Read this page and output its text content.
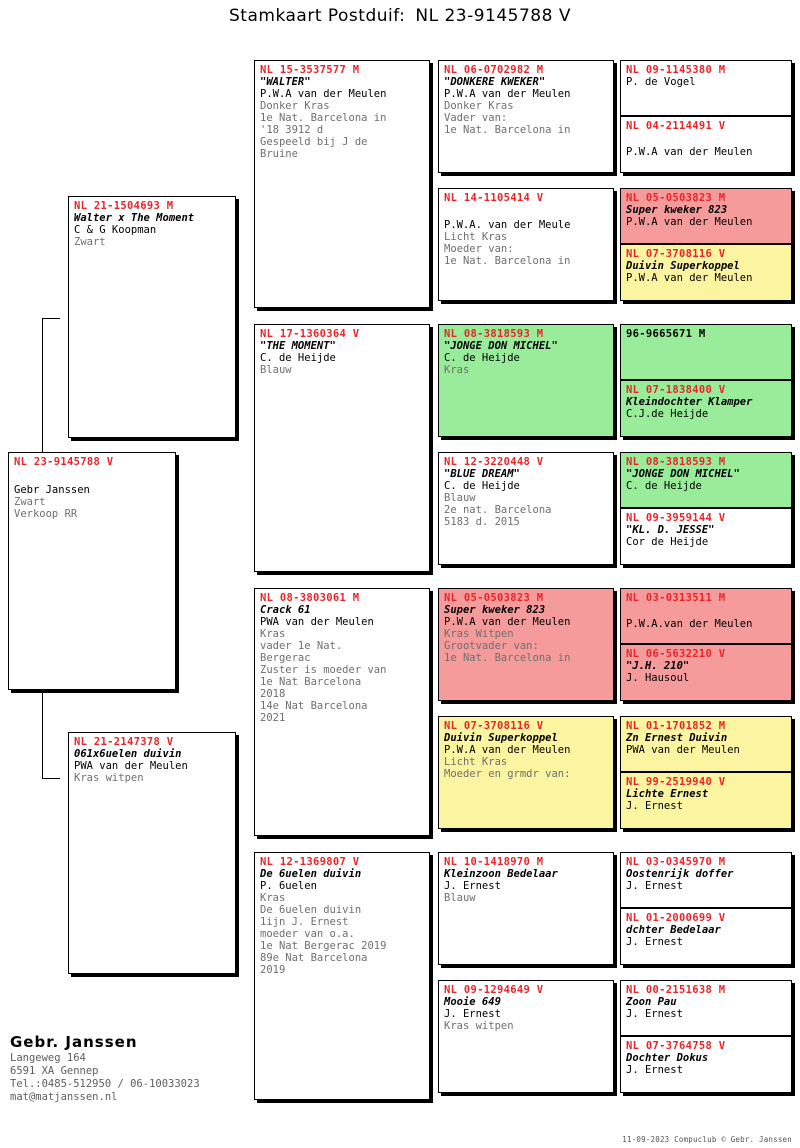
Stamkaart Postduif: NL 23-9145788 V
NL 23-9145788 V
Gebr Janssen
Zwart
Verkoop RR
NL 21-1504693 M
Walter x The Moment
C & G Koopman
Zwart
NL 21-2147378 V
061x6uelen duivin
PWA van der Meulen
Kras witpen
NL 15-3537577 M
"WALTER"
P.W.A van der Meulen
Donker Kras
1e Nat. Barcelona in
'18 3912 d
Gespeeld bij J de
Bruine
NL 17-1360364 V
"THE MOMENT"
C. de Heijde
Blauw
NL 08-3803061 M
Crack 61
PWA van der Meulen
Kras
vader 1e Nat.
Bergerac
Zuster is moeder van
1e Nat Barcelona
2018
14e Nat Barcelona
2021
NL 12-1369807 V
De 6uelen duivin
P. 6uelen
Kras
De 6uelen duivin
1ijn J. Ernest
moeder van o.a.
1e Nat Bergerac 2019
89e Nat Barcelona
2019
NL 06-0702982 M
"DONKERE KWEKER"
P.W.A van der Meulen
Donker Kras
Vader van:
1e Nat. Barcelona in
NL 14-1105414 V
P.W.A. van der Meule
Licht Kras
Moeder van:
1e Nat. Barcelona in
NL 08-3818593 M
"JONGE DON MICHEL"
C. de Heijde
Kras
NL 12-3220448 V
"BLUE DREAM"
C. de Heijde
Blauw
2e nat. Barcelona
5183 d. 2015
NL 05-0503823 M
Super kweker 823
P.W.A van der Meulen
Kras Witpen
Grootvader van:
1e Nat. Barcelona in
NL 07-3708116 V
Duivin Superkoppel
P.W.A van der Meulen
Licht Kras
Moeder en grmdr van:
NL 10-1418970 M
Kleinzoon Bedelaar
J. Ernest
Blauw
NL 09-1294649 V
Mooie 649
J. Ernest
Kras witpen
NL 09-1145380 M
P. de Vogel
NL 04-2114491 V
P.W.A van der Meulen
NL 05-0503823 M
Super kweker 823
P.W.A van der Meulen
NL 07-3708116 V
Duivin Superkoppel
P.W.A van der Meulen
96-9665671 M
NL 07-1838400 V
Kleindochter Klamper
C.J.de Heijde
NL 08-3818593 M
"JONGE DON MICHEL"
C. de Heijde
NL 09-3959144 V
"KL. D. JESSE"
Cor de Heijde
NL 03-0313511 M
P.W.A.van der Meulen
NL 06-5632210 V
"J.H. 210"
J. Hausoul
NL 01-1701852 M
Zn Ernest Duivin
PWA van der Meulen
NL 99-2519940 V
Lichte Ernest
J. Ernest
NL 03-0345970 M
Oostenrijk doffer
J. Ernest
NL 01-2000699 V
dchter Bedelaar
J. Ernest
NL 00-2151638 M
Zoon Pau
J. Ernest
NL 07-3764758 V
Dochter Dokus
J. Ernest
Gebr. Janssen
Langeweg 164
6591 XA Gennep
Tel.:0485-512950 / 06-10033023
mat@matjanssen.nl
11-09-2023 Compuclub © Gebr. Janssen
